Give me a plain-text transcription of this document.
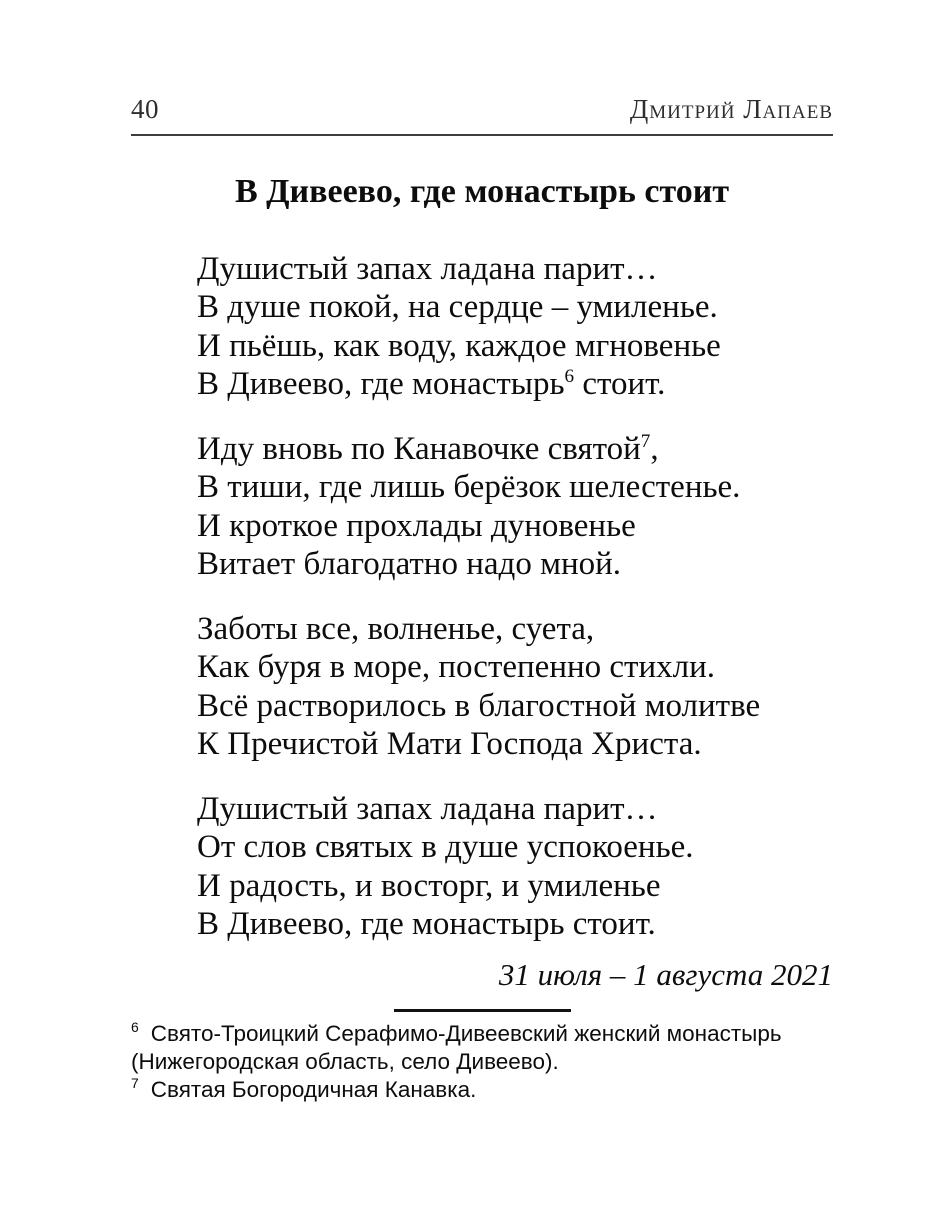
40	Дмитрий Лапаев
В Дивеево, где монастырь стоит
Душистый запах ладана парит…
В душе покой, на сердце – умиленье.
И пьёшь, как воду, каждое мгновенье
В Дивеево, где монастырь$^6$ стоит.
Иду вновь по Канавочке святой$^7$,
В тиши, где лишь берёзок шелестенье.
И кроткое прохлады дуновенье
Витает благодатно надо мной.
Заботы все, волненье, суета,
Как буря в море, постепенно стихли.
Всё растворилось в благостной молитве
К Пречистой Мати Господа Христа.
Душистый запах ладана парит…
От слов святых в душе успокоенье.
И радость, и восторг, и умиленье
В Дивеево, где монастырь стоит.
31 июля – 1 августа 2021

$^6$ Свято-Троицкий Серафимо-Дивеевский женский монастырь (Нижегородская область, село Дивеево).

$^7$ Святая Богородичная Канавка.
